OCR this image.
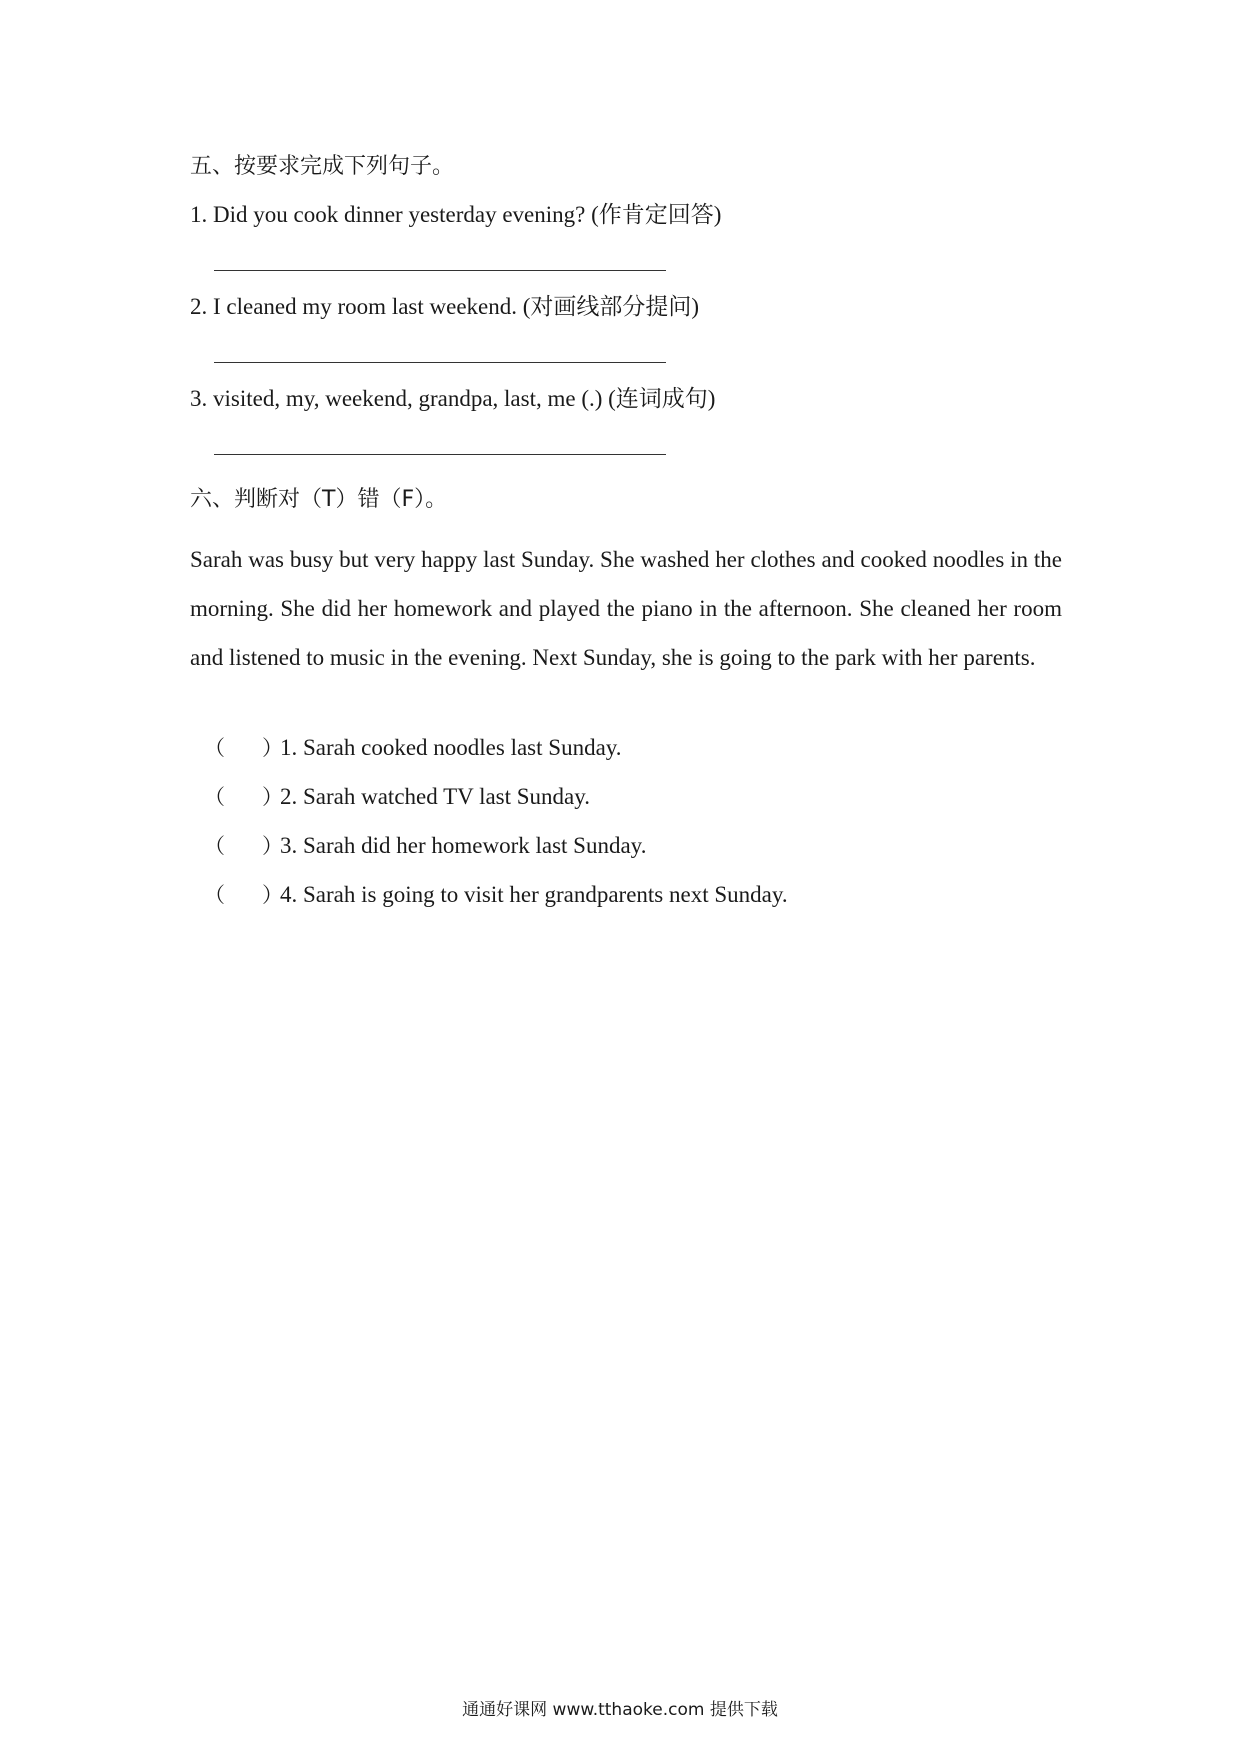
五、按要求完成下列句子。
1. Did you cook dinner yesterday evening? (作肯定回答)
2. I cleaned my room last weekend. (对画线部分提问)
3. visited, my, weekend, grandpa, last, me (.) (连词成句)
六、判断对（T）错（F）。
Sarah was busy but very happy last Sunday. She washed her clothes and cooked noodles in the morning. She did her homework and played the piano in the afternoon. She cleaned her room and listened to music in the evening. Next Sunday, she is going to the park with her parents.
（ ）1. Sarah cooked noodles last Sunday.
（ ）2. Sarah watched TV last Sunday.
（ ）3. Sarah did her homework last Sunday.
（ ）4. Sarah is going to visit her grandparents next Sunday.
通通好课网 www.tthaoke.com 提供下载
